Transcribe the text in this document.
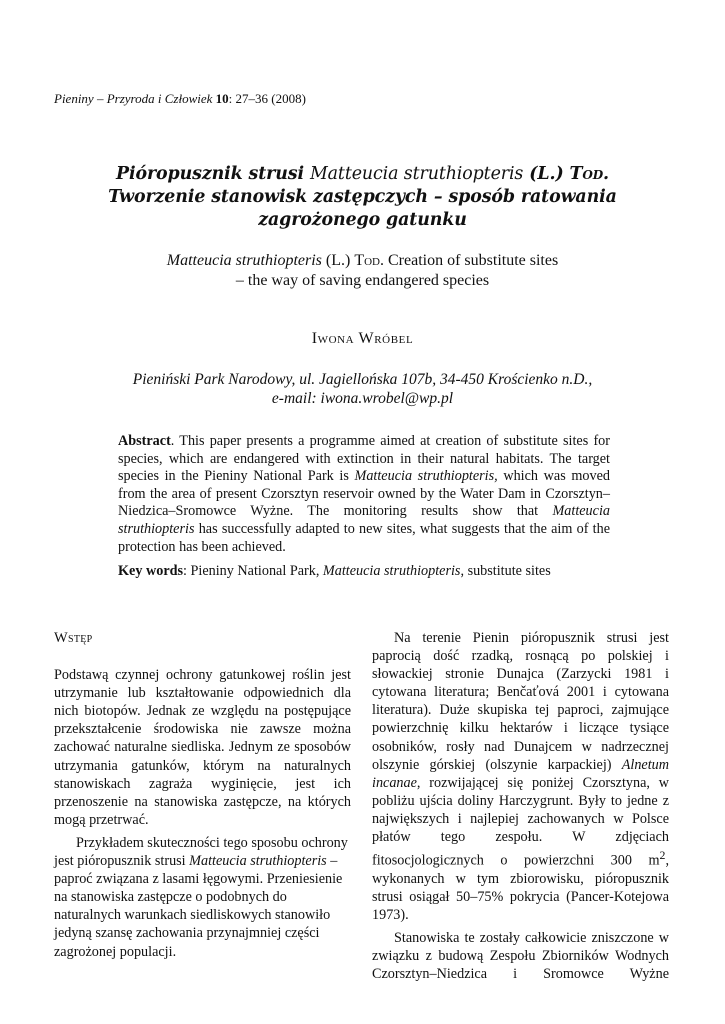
Pieniny – Przyroda i Człowiek 10: 27–36 (2008)
Pióropusznik strusi Matteucia struthiopteris (L.) Tod.
Tworzenie stanowisk zastępczych – sposób ratowania
zagrożonego gatunku
Matteucia struthiopteris (L.) Tod. Creation of substitute sites
– the way of saving endangered species
Iwona Wróbel
Pieniński Park Narodowy, ul. Jagiellońska 107b, 34-450 Krościenko n.D.,
e-mail: iwona.wrobel@wp.pl
Abstract. This paper presents a programme aimed at creation of substitute sites for species, which are endangered with extinction in their natural habitats. The target species in the Pieniny National Park is Matteucia struthiopteris, which was moved from the area of present Czorsztyn reservoir owned by the Water Dam in Czorsztyn–Niedzica–Sromowce Wyżne. The monitoring results show that Matteucia struthiopteris has successfully adapted to new sites, what suggests that the aim of the protection has been achieved.
Key words: Pieniny National Park, Matteucia struthiopteris, substitute sites
Wstęp

Podstawą czynnej ochrony gatunkowej roślin jest utrzymanie lub kształtowanie odpowiednich dla nich biotopów. Jednak ze względu na postępujące przekształcenie środowiska nie zawsze można zachować naturalne siedliska. Jednym ze sposobów utrzymania gatunków, którym na naturalnych stanowiskach zagraża wyginięcie, jest ich przenoszenie na stanowiska zastępcze, na których mogą przetrwać.

Przykładem skuteczności tego sposobu ochrony jest pióropusznik strusi Matteucia struthiopteris – paproć związana z lasami łęgowymi. Przeniesienie na stanowiska zastępcze o podobnych do naturalnych warunkach siedliskowych stanowiło jedyną szansę zachowania przynajmniej części zagrożonej populacji.

Na terenie Pienin pióropusznik strusi jest paprocią dość rzadką, rosnącą po polskiej i słowackiej stronie Dunajca (Zarzycki 1981 i cytowana literatura; Benčaťová 2001 i cytowana literatura). Duże skupiska tej paproci, zajmujące powierzchnię kilku hektarów i liczące tysiące osobników, rosły nad Dunajcem w nadrzecznej olszynie górskiej (olszynie karpackiej) Alnetum incanae, rozwijającej się poniżej Czorsztyna, w pobliżu ujścia doliny Harczygrunt. Były to jedne z największych i najlepiej zachowanych w Polsce płatów tego zespołu. W zdjęciach fitosocjologicznych o powierzchni 300 $m^2$, wykonanych w tym zbiorowisku, pióropusznik strusi osiągał 50–75% pokrycia (Pancer-Kotejowa 1973).

Stanowiska te zostały całkowicie zniszczone w związku z budową Zespołu Zbiorników Wodnych Czorsztyn–Niedzica i Sromowce Wyżne
